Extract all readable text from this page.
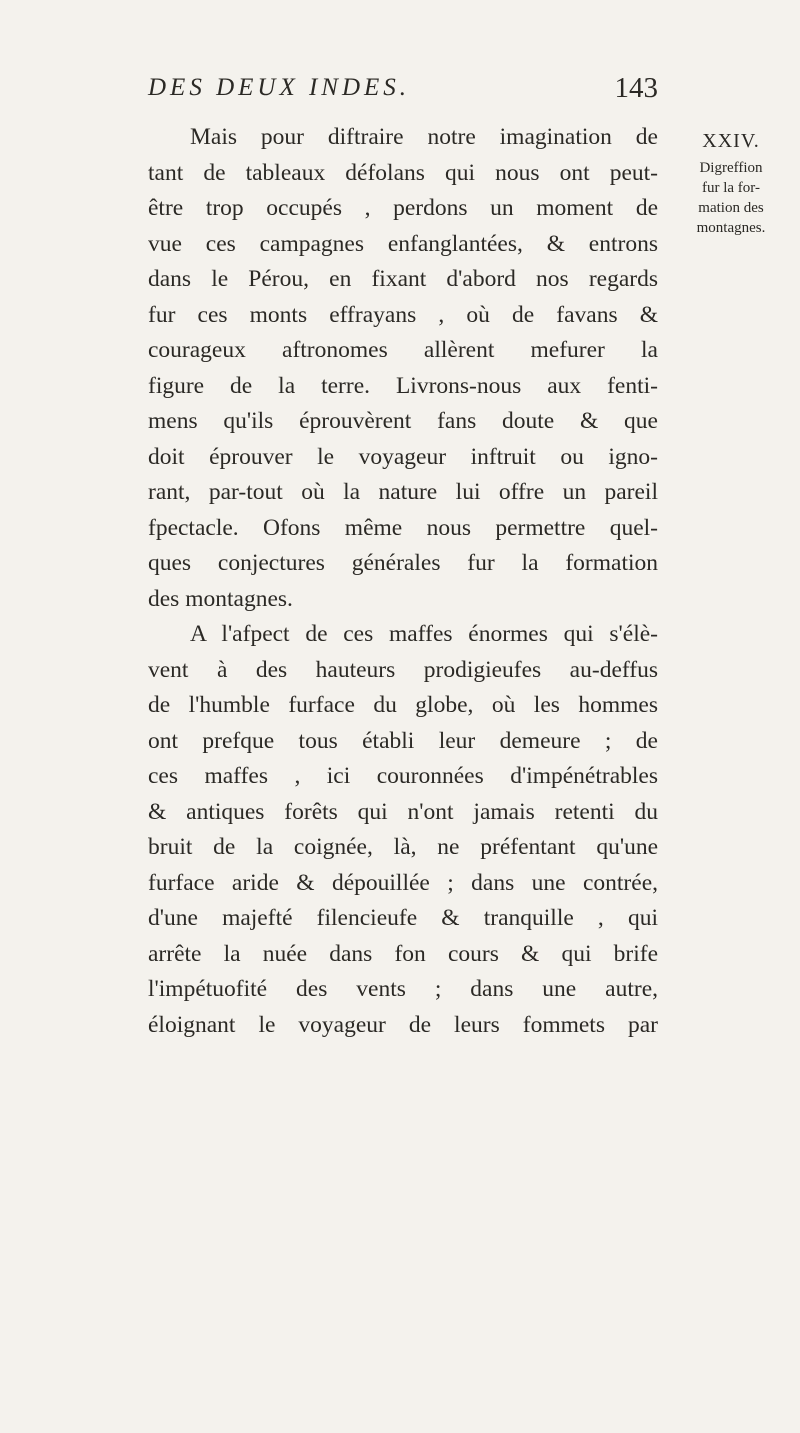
DES DEUX INDES.	143
XXIV.
Digreffion
fur la for-
mation des
montagnes.
Mais pour diftraire notre imagination de
tant de tableaux défolans qui nous ont peut-
être trop occupés , perdons un moment de
vue ces campagnes enfanglantées, & entrons
dans le Pérou, en fixant d'abord nos regards
fur ces monts effrayans , où de favans &
courageux aftronomes allèrent mefurer la
figure de la terre. Livrons-nous aux fenti-
mens qu'ils éprouvèrent fans doute & que
doit éprouver le voyageur inftruit ou igno-
rant, par-tout où la nature lui offre un pareil
fpectacle. Ofons même nous permettre quel-
ques conjectures générales fur la formation
des montagnes.
A l'afpect de ces maffes énormes qui s'élè-
vent à des hauteurs prodigieufes au-deffus
de l'humble furface du globe, où les hommes
ont prefque tous établi leur demeure ; de
ces maffes , ici couronnées d'impénétrables
& antiques forêts qui n'ont jamais retenti du
bruit de la coignée, là, ne préfentant qu'une
furface aride & dépouillée ; dans une contrée,
d'une majefté filencieufe & tranquille , qui
arrête la nuée dans fon cours & qui brife
l'impétuofité des vents ; dans une autre,
éloignant le voyageur de leurs fommets par
